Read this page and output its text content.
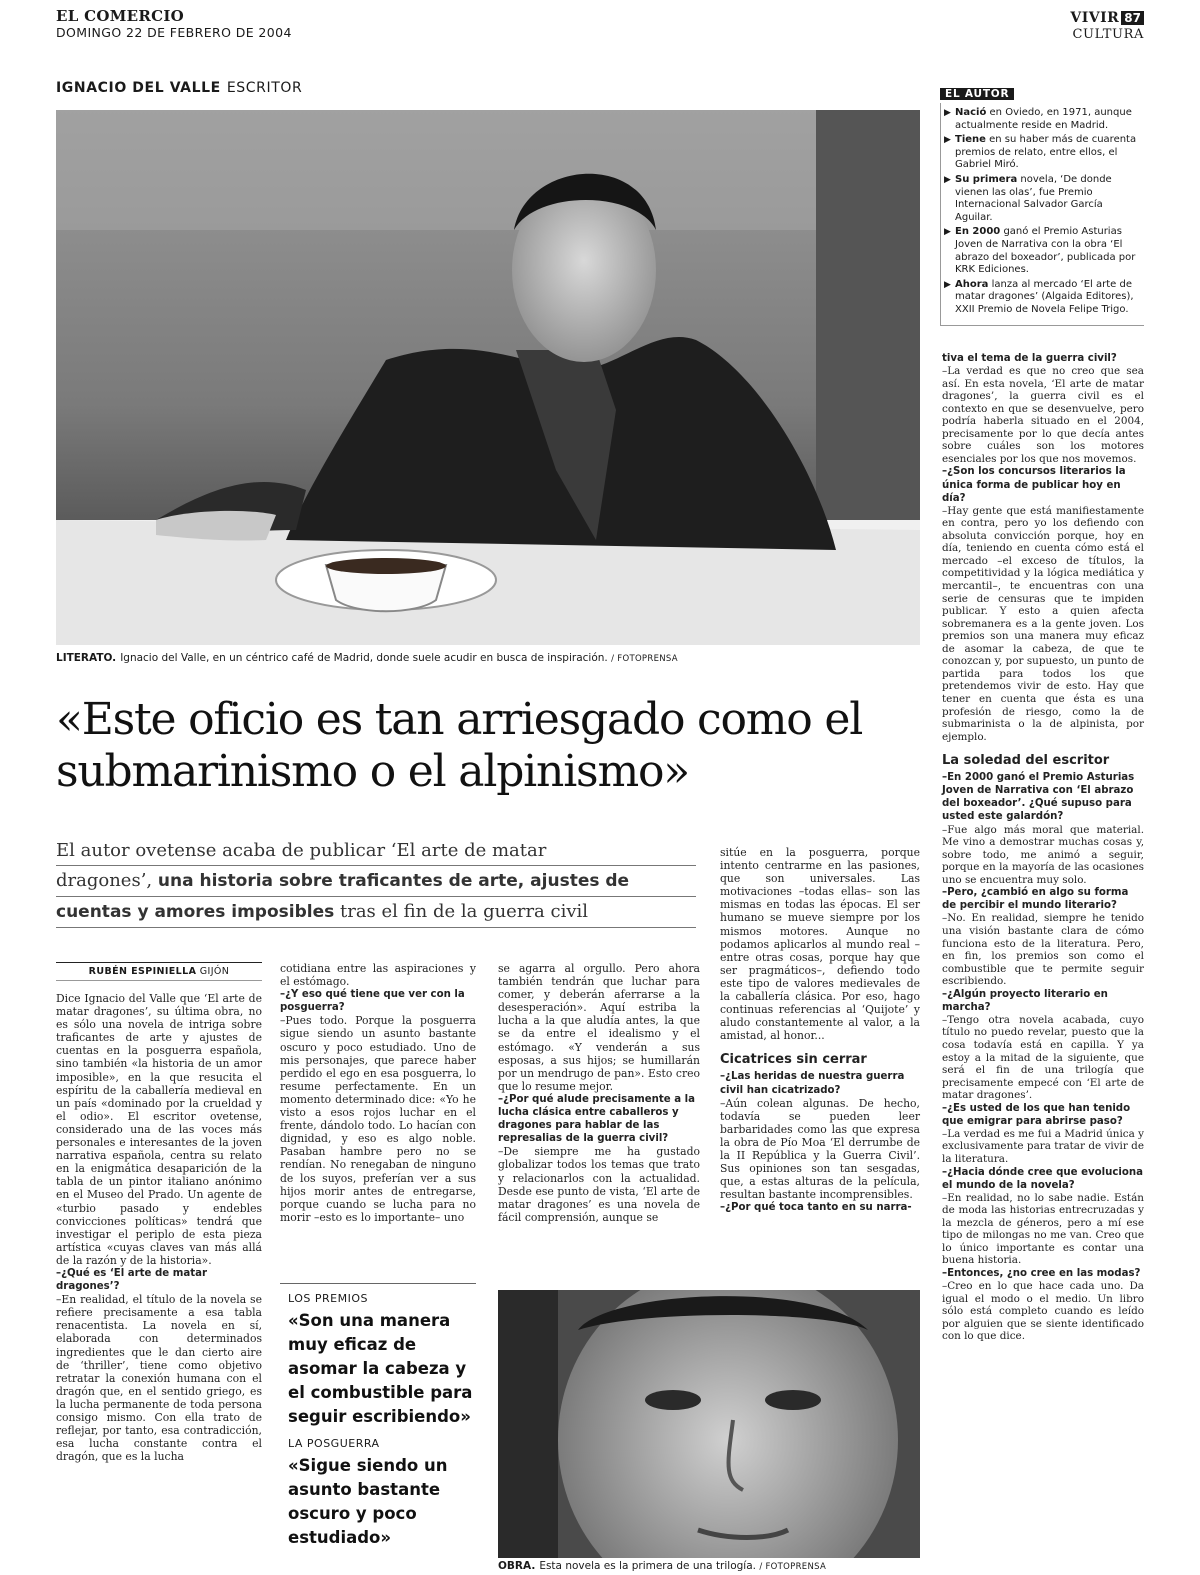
EL COMERCIO
DOMINGO 22 DE FEBRERO DE 2004
VIVIR 87
CULTURA
IGNACIO DEL VALLE ESCRITOR
LITERATO. Ignacio del Valle, en un céntrico café de Madrid, donde suele acudir en busca de inspiración. / FOTOPRENSA
«Este oficio es tan arriesgado como el submarinismo o el alpinismo»
El autor ovetense acaba de publicar ‘El arte de matar
dragones’, una historia sobre traficantes de arte, ajustes de
cuentas y amores imposibles tras el fin de la guerra civil
RUBÉN ESPINIELLA GIJÓN

Dice Ignacio del Valle que ‘El arte de matar dragones’, su última obra, no es sólo una novela de intriga sobre traficantes de arte y ajustes de cuentas en la posguerra española, sino también «la historia de un amor imposible», en la que resucita el espíritu de la caballería medieval en un país «dominado por la crueldad y el odio». El escritor ovetense, considerado una de las voces más personales e interesantes de la joven narrativa española, centra su relato en la enigmática desaparición de la tabla de un pintor italiano anónimo en el Museo del Prado. Un agente de «turbio pasado y endebles convicciones políticas» tendrá que investigar el periplo de esta pieza artística «cuyas claves van más allá de la razón y de la historia».

–¿Qué es ‘El arte de matar dragones’?

–En realidad, el título de la novela se refiere precisamente a esa tabla renacentista. La novela en sí, elaborada con determinados ingredientes que le dan cierto aire de ‘thriller’, tiene como objetivo retratar la conexión humana con el dragón que, en el sentido griego, es la lucha permanente de toda persona consigo mismo. Con ella trato de reflejar, por tanto, esa contradicción, esa lucha constante contra el dragón, que es la lucha

cotidiana entre las aspiraciones y el estómago.

–¿Y eso qué tiene que ver con la posguerra?

–Pues todo. Porque la posguerra sigue siendo un asunto bastante oscuro y poco estudiado. Uno de mis personajes, que parece haber perdido el ego en esa posguerra, lo resume perfectamente. En un momento determinado dice: «Yo he visto a esos rojos luchar en el frente, dándolo todo. Lo hacían con dignidad, y eso es algo noble. Pasaban hambre pero no se rendían. No renegaban de ninguno de los suyos, preferían ver a sus hijos morir antes de entregarse, porque cuando se lucha para no morir –esto es lo importante– uno

LOS PREMIOS
«Son una manera muy eficaz de asomar la cabeza y el combustible para seguir escribiendo»
LA POSGUERRA
«Sigue siendo un asunto bastante oscuro y poco estudiado»

se agarra al orgullo. Pero ahora también tendrán que luchar para comer, y deberán aferrarse a la desesperación». Aquí estriba la lucha a la que aludía antes, la que se da entre el idealismo y el estómago. «Y venderán a sus esposas, a sus hijos; se humillarán por un mendrugo de pan». Esto creo que lo resume mejor.

–¿Por qué alude precisamente a la lucha clásica entre caballeros y dragones para hablar de las represalias de la guerra civil?

–De siempre me ha gustado globalizar todos los temas que trato y relacionarlos con la actualidad. Desde ese punto de vista, ‘El arte de matar dragones’ es una novela de fácil comprensión, aunque se

sitúe en la posguerra, porque intento centrarme en las pasiones, que son universales. Las motivaciones –todas ellas– son las mismas en todas las épocas. El ser humano se mueve siempre por los mismos motores. Aunque no podamos aplicarlos al mundo real –entre otras cosas, porque hay que ser pragmáticos–, defiendo todo este tipo de valores medievales de la caballería clásica. Por eso, hago continuas referencias al ‘Quijote’ y aludo constantemente al valor, a la amistad, al honor...

Cicatrices sin cerrar

–¿Las heridas de nuestra guerra civil han cicatrizado?

–Aún colean algunas. De hecho, todavía se pueden leer barbaridades como las que expresa la obra de Pío Moa ‘El derrumbe de la II República y la Guerra Civil’. Sus opiniones son tan sesgadas, que, a estas alturas de la película, resultan bastante incomprensibles.

–¿Por qué toca tanto en su narra-

EL AUTOR
▶ Nació en Oviedo, en 1971, aunque actualmente reside en Madrid.
▶ Tiene en su haber más de cuarenta premios de relato, entre ellos, el Gabriel Miró.
▶ Su primera novela, ‘De donde vienen las olas’, fue Premio Internacional Salvador García Aguilar.
▶ En 2000 ganó el Premio Asturias Joven de Narrativa con la obra ‘El abrazo del boxeador’, publicada por KRK Ediciones.
▶ Ahora lanza al mercado ‘El arte de matar dragones’ (Algaida Editores), XXII Premio de Novela Felipe Trigo.

tiva el tema de la guerra civil?

–La verdad es que no creo que sea así. En esta novela, ‘El arte de matar dragones’, la guerra civil es el contexto en que se desenvuelve, pero podría haberla situado en el 2004, precisamente por lo que decía antes sobre cuáles son los motores esenciales por los que nos movemos.

–¿Son los concursos literarios la única forma de publicar hoy en día?

–Hay gente que está manifiestamente en contra, pero yo los defiendo con absoluta convicción porque, hoy en día, teniendo en cuenta cómo está el mercado –el exceso de títulos, la competitividad y la lógica mediática y mercantil–, te encuentras con una serie de censuras que te impiden publicar. Y esto a quien afecta sobremanera es a la gente joven. Los premios son una manera muy eficaz de asomar la cabeza, de que te conozcan y, por supuesto, un punto de partida para todos los que pretendemos vivir de esto. Hay que tener en cuenta que ésta es una profesión de riesgo, como la de submarinista o la de alpinista, por ejemplo.

La soledad del escritor

–En 2000 ganó el Premio Asturias Joven de Narrativa con ‘El abrazo del boxeador’. ¿Qué supuso para usted este galardón?

–Fue algo más moral que material. Me vino a demostrar muchas cosas y, sobre todo, me animó a seguir, porque en la mayoría de las ocasiones uno se encuentra muy solo.

–Pero, ¿cambió en algo su forma de percibir el mundo literario?

–No. En realidad, siempre he tenido una visión bastante clara de cómo funciona esto de la literatura. Pero, en fin, los premios son como el combustible que te permite seguir escribiendo.

–¿Algún proyecto literario en marcha?

–Tengo otra novela acabada, cuyo título no puedo revelar, puesto que la cosa todavía está en capilla. Y ya estoy a la mitad de la siguiente, que será el fin de una trilogía que precisamente empecé con ‘El arte de matar dragones’.

–¿Es usted de los que han tenido que emigrar para abrirse paso?

–La verdad es me fui a Madrid única y exclusivamente para tratar de vivir de la literatura.

–¿Hacia dónde cree que evoluciona el mundo de la novela?

–En realidad, no lo sabe nadie. Están de moda las historias entrecruzadas y la mezcla de géneros, pero a mí ese tipo de milongas no me van. Creo que lo único importante es contar una buena historia.

–Entonces, ¿no cree en las modas?

–Creo en lo que hace cada uno. Da igual el modo o el medio. Un libro sólo está completo cuando es leído por alguien que se siente identificado con lo que dice.

OBRA. Esta novela es la primera de una trilogía. / FOTOPRENSA
